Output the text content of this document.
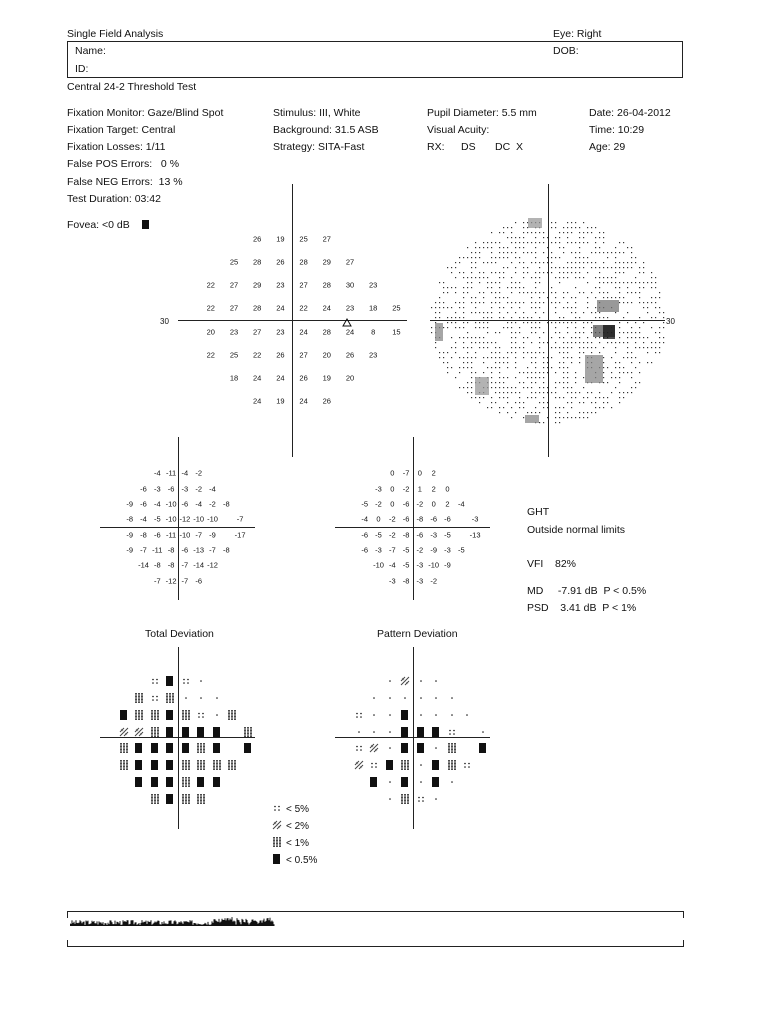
Single Field Analysis	Eye: Right
Name:	DOB:
ID:
Central 24-2 Threshold Test
Fixation Monitor: Gaze/Blind Spot
Fixation Target: Central
Fixation Losses: 1/11
False POS Errors:   0 %
False NEG Errors:  13 %
Test Duration: 03:42
Stimulus: III, White
Background: 31.5 ASB
Strategy: SITA-Fast
Pupil Diameter: 5.5 mm
Visual Acuity:
RX: DS DC  X
Date: 26-04-2012
Time: 10:29
Age: 29
Fovea: <0 dB
30
26 19 25 27
25 28 26 28 29 27
22 27 29 23 27 28 30 23
22 27 28 24 22 24 23 18 25
20 23 27 23 24 28 24 8 15
22 25 22 26 27 20 26 23
18 24 24 26 19 20
24 19 24 26
30
-4 -11 -4 -2
-6 -3 -6 -3 -2 -4
-9 -6 -4 -10 -6 -4 -2 -8
-8 -4 -5 -10 -12 -10 -10	-7
-9 -8 -6 -11 -10 -7 -9	-17
-9 -7 -11 -8 -6 -13 -7 -8
-14 -8 -8 -7 -14 -12
-7 -12 -7 -6
0 -7 0 2
-3 0 -2 1 2 0
-5 -2 0 -6 -2 0 2 -4
-4 0 -2 -6 -8 -6 -6	-3
-6 -5 -2 -8 -6 -3 -5	-13
-6 -3 -7 -5 -2 -9 -3 -5
-10 -4 -5 -3 -10 -9
-3 -8 -3 -2
GHT
Outside normal limits
VFI    82%
MD     -7.91 dB  P < 0.5%
PSD    3.41 dB  P < 1%
Total Deviation	Pattern Deviation
< 5%
< 2%
< 1%
< 0.5%
